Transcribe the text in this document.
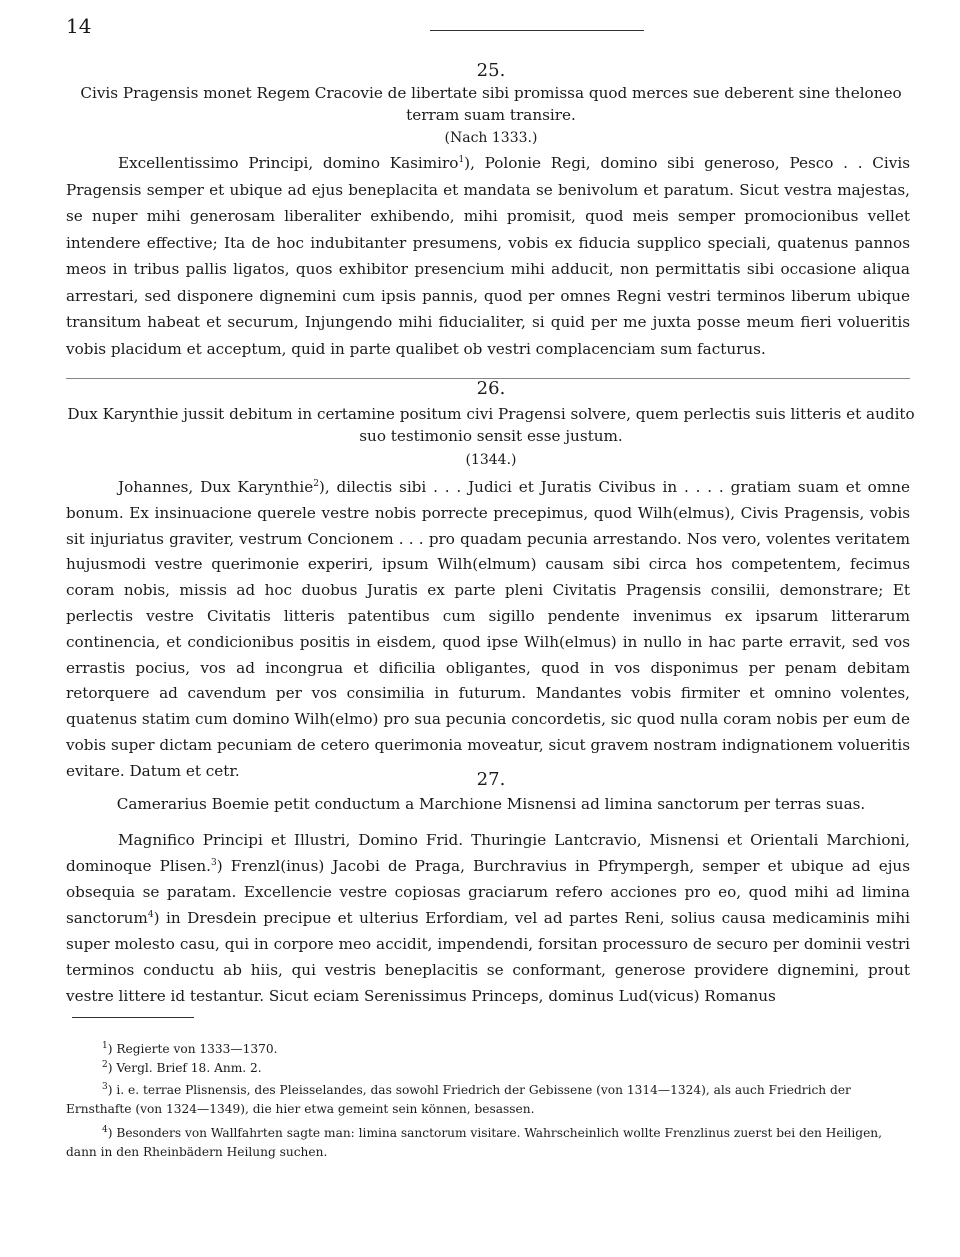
14

25.

Civis Pragensis monet Regem Cracovie de libertate sibi promissa quod merces sue deberent sine theloneo terram suam transire.

(Nach 1333.)

Excellentissimo Principi, domino Kasimiro$^1$), Polonie Regi, domino sibi generoso, Pesco . . Civis Pragensis semper et ubique ad ejus beneplacita et mandata se benivolum et paratum. Sicut vestra majestas, se nuper mihi generosam liberaliter exhibendo, mihi promisit, quod meis semper promocionibus vellet intendere effective; Ita de hoc indubitanter presumens, vobis ex fiducia supplico speciali, quatenus pannos meos in tribus pallis ligatos, quos exhibitor presencium mihi adducit, non permittatis sibi occasione aliqua arrestari, sed disponere dignemini cum ipsis pannis, quod per omnes Regni vestri terminos liberum ubique transitum habeat et securum, Injungendo mihi fiducialiter, si quid per me juxta posse meum fieri volueritis vobis placidum et acceptum, quid in parte qualibet ob vestri complacenciam sum facturus.

26.

Dux Karynthie jussit debitum in certamine positum civi Pragensi solvere, quem perlectis suis litteris et audito suo testimonio sensit esse justum.

(1344.)

Johannes, Dux Karynthie$^2$), dilectis sibi . . . Judici et Juratis Civibus in . . . . gratiam suam et omne bonum. Ex insinuacione querele vestre nobis porrecte precepimus, quod Wilh(elmus), Civis Pragensis, vobis sit injuriatus graviter, vestrum Concionem . . . pro quadam pecunia arrestando. Nos vero, volentes veritatem hujusmodi vestre querimonie experiri, ipsum Wilh(elmum) causam sibi circa hos competentem, fecimus coram nobis, missis ad hoc duobus Juratis ex parte pleni Civitatis Pragensis consilii, demonstrare; Et perlectis vestre Civitatis litteris patentibus cum sigillo pendente invenimus ex ipsarum litterarum continencia, et condicionibus positis in eisdem, quod ipse Wilh(elmus) in nullo in hac parte erravit, sed vos errastis pocius, vos ad incongrua et dificilia obligantes, quod in vos disponimus per penam debitam retorquere ad cavendum per vos consimilia in futurum. Mandantes vobis firmiter et omnino volentes, quatenus statim cum domino Wilh(elmo) pro sua pecunia concordetis, sic quod nulla coram nobis per eum de vobis super dictam pecuniam de cetero querimonia moveatur, sicut gravem nostram indignationem volueritis evitare. Datum et cetr.	27.

Camerarius Boemie petit conductum a Marchione Misnensi ad limina sanctorum per terras suas.

Magnifico Principi et Illustri, Domino Frid. Thuringie Lantcravio, Misnensi et Orientali Marchioni, dominoque Plisen.$^3$) Frenzl(inus) Jacobi de Praga, Burchravius in Pfrympergh, semper et ubique ad ejus obsequia se paratam. Excellencie vestre copiosas graciarum refero acciones pro eo, quod mihi ad limina sanctorum$^4$) in Dresdein precipue et ulterius Erfordiam, vel ad partes Reni, solius causa medicaminis mihi super molesto casu, qui in corpore meo accidit, impendendi, forsitan processuro de securo per dominii vestri terminos conductu ab hiis, qui vestris beneplacitis se conformant, generose providere dignemini, prout vestre littere id testantur. Sicut eciam Serenissimus Princeps, dominus Lud(vicus) Romanus

$^1$) Regierte von 1333—1370.

$^2$) Vergl. Brief 18. Anm. 2.

$^3$) i. e. terrae Plisnensis, des Pleisselandes, das sowohl Friedrich der Gebissene (von 1314—1324), als auch Friedrich der Ernsthafte (von 1324—1349), die hier etwa gemeint sein können, besassen.

$^4$) Besonders von Wallfahrten sagte man: limina sanctorum visitare. Wahrscheinlich wollte Frenzlinus zuerst bei den Heiligen, dann in den Rheinbädern Heilung suchen.
